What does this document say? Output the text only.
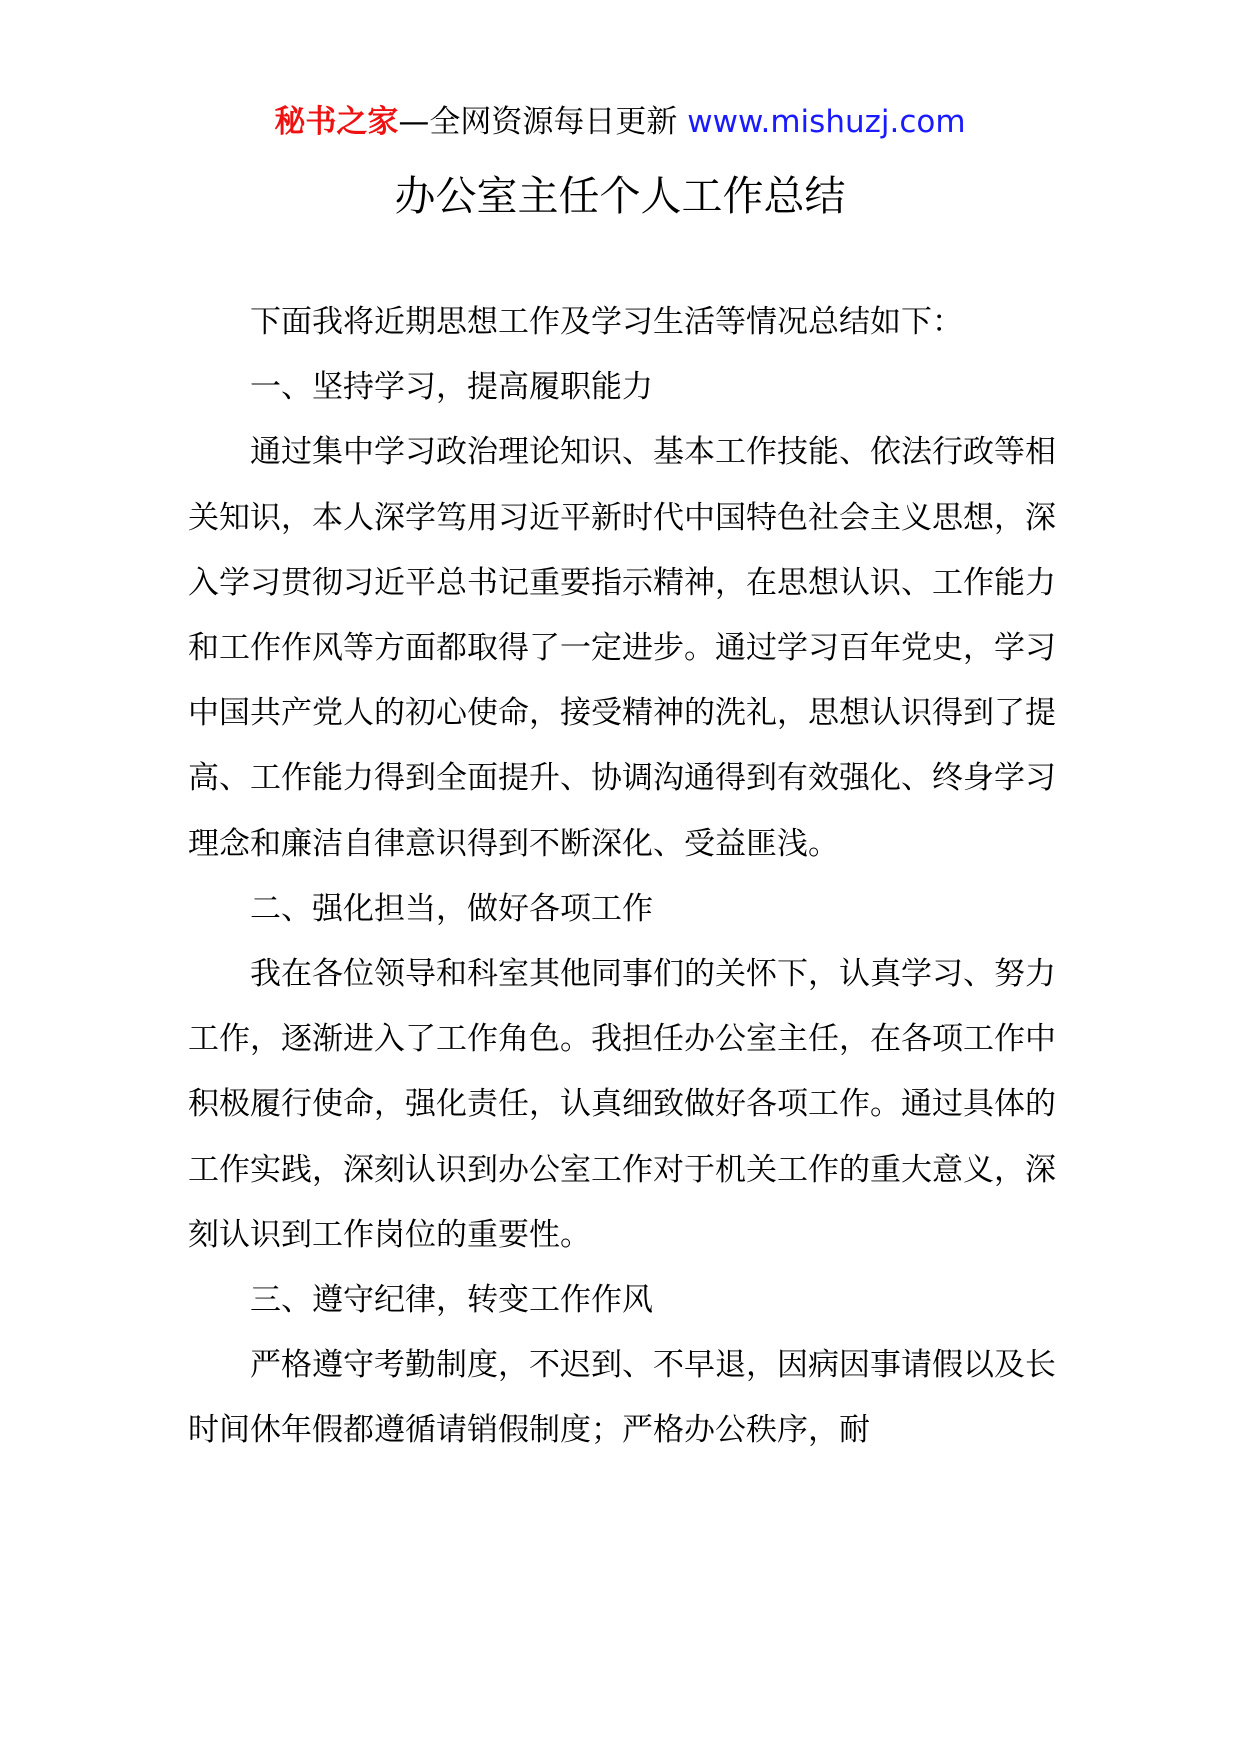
秘书之家—全网资源每日更新 www.mishuzj.com
办公室主任个人工作总结

下面我将近期思想工作及学习生活等情况总结如下：

一、坚持学习，提高履职能力

通过集中学习政治理论知识、基本工作技能、依法行政等相关知识，本人深学笃用习近平新时代中国特色社会主义思想，深入学习贯彻习近平总书记重要指示精神，在思想认识、工作能力和工作作风等方面都取得了一定进步。通过学习百年党史，学习中国共产党人的初心使命，接受精神的洗礼，思想认识得到了提高、工作能力得到全面提升、协调沟通得到有效强化、终身学习理念和廉洁自律意识得到不断深化、受益匪浅。

二、强化担当，做好各项工作

我在各位领导和科室其他同事们的关怀下，认真学习、努力工作，逐渐进入了工作角色。我担任办公室主任，在各项工作中积极履行使命，强化责任，认真细致做好各项工作。通过具体的工作实践，深刻认识到办公室工作对于机关工作的重大意义，深刻认识到工作岗位的重要性。

三、遵守纪律，转变工作作风

严格遵守考勤制度，不迟到、不早退，因病因事请假以及长时间休年假都遵循请销假制度；严格办公秩序，耐
